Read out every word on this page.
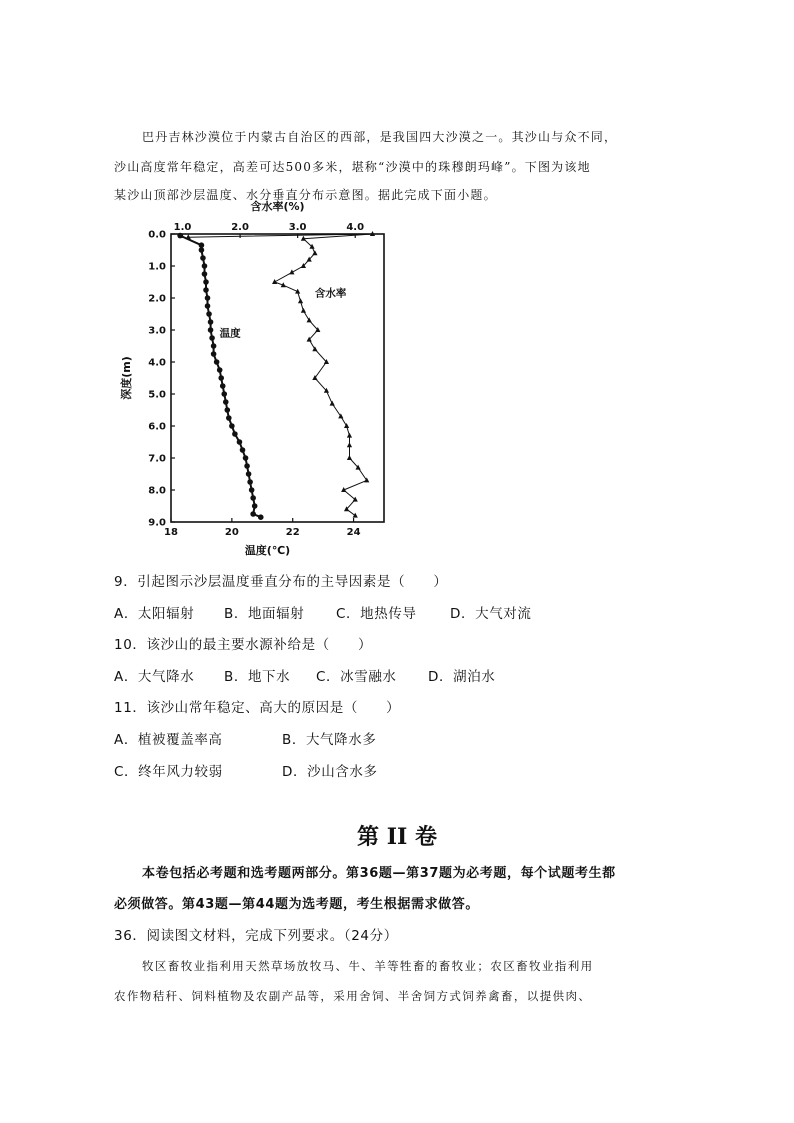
巴丹吉林沙漠位于内蒙古自治区的西部，是我国四大沙漠之一。其沙山与众不同，

沙山高度常年稳定，高差可达500多米，堪称“沙漠中的珠穆朗玛峰”。下图为该地

某沙山顶部沙层温度、水分垂直分布示意图。据此完成下面小题。

1.0	2.0	3.0	4.0
含水率(%)
18	20	22	24
温度(℃)
0.0
1.0
2.0
3.0
4.0
5.0
6.0
7.0
8.0
9.0
深度(m)
温度
含水率

9．引起图示沙层温度垂直分布的主导因素是（　　）

A．太阳辐射 B．地面辐射 C．地热传导 D．大气对流

10．该沙山的最主要水源补给是（　　）

A．大气降水 B．地下水 C．冰雪融水 D．湖泊水

11．该沙山常年稳定、高大的原因是（　　）

A．植被覆盖率高	B．大气降水多
C．终年风力较弱	D．沙山含水多
第 II 卷

本卷包括必考题和选考题两部分。第36题—第37题为必考题，每个试题考生都

必须做答。第43题—第44题为选考题，考生根据需求做答。

36．阅读图文材料，完成下列要求。（24分）

牧区畜牧业指利用天然草场放牧马、牛、羊等牲畜的畜牧业；农区畜牧业指利用

农作物秸秆、饲料植物及农副产品等，采用舍饲、半舍饲方式饲养禽畜，以提供肉、
